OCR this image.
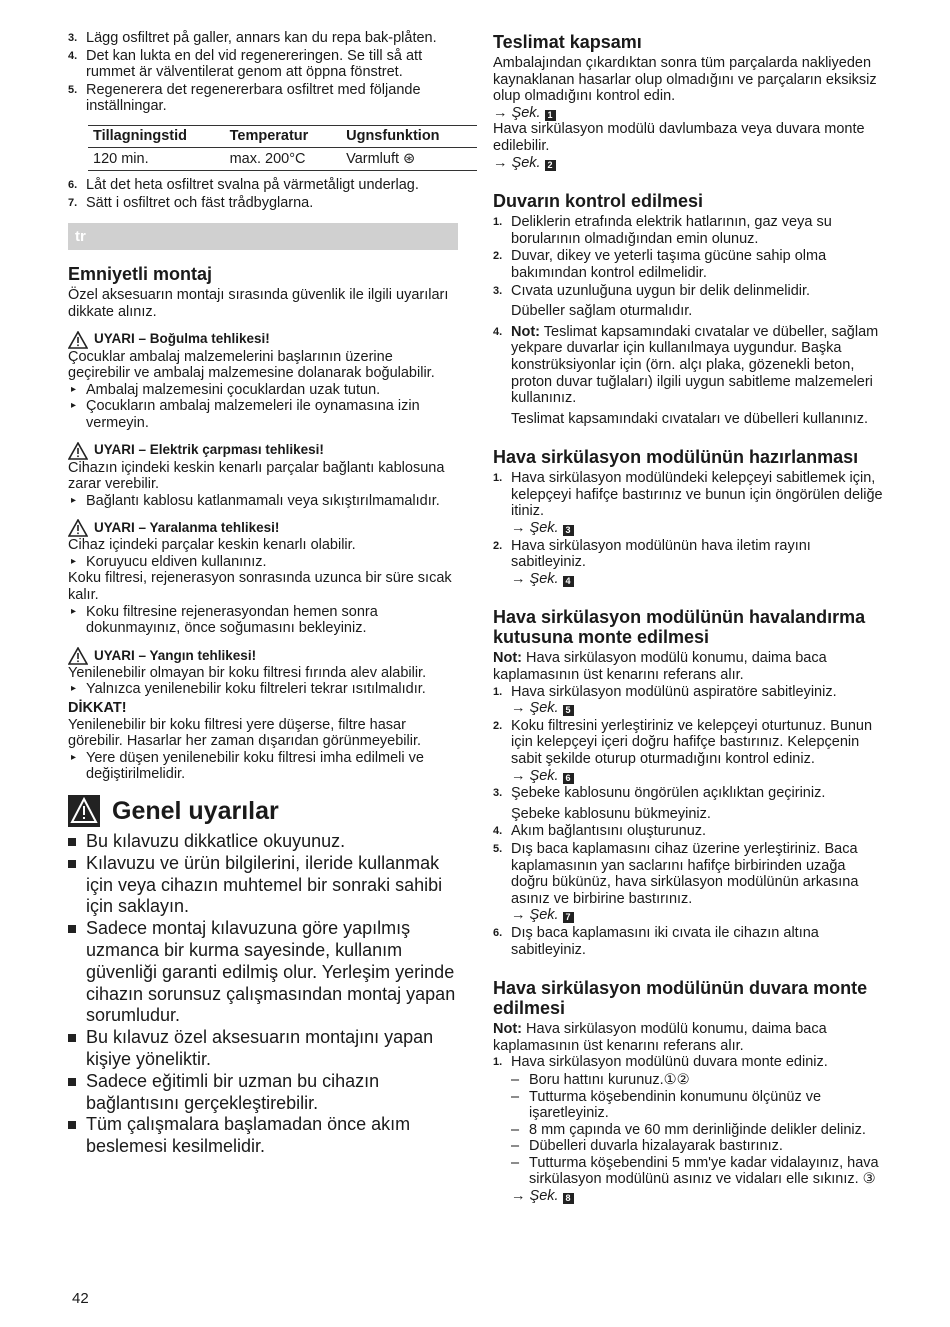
3. Lägg osfiltret på galler, annars kan du repa bak-plåten.
4. Det kan lukta en del vid regenereringen. Se till så att rummet är välventilerat genom att öppna fönstret.
5. Regenerera det regenererbara osfiltret med följande inställningar.
Tillagningstid	Temperatur	Ugnsfunktion
120 min.	max. 200°C	Varmluft ⊛
6. Låt det heta osfiltret svalna på värmetåligt underlag.
7. Sätt i osfiltret och fäst trådbyglarna.
tr
Emniyetli montaj

Özel aksesuarın montajı sırasında güvenlik ile ilgili uyarıları dikkate alınız.

UYARI – Boğulma tehlikesi!

Çocuklar ambalaj malzemelerini başlarının üzerine geçirebilir ve ambalaj malzemesine dolanarak boğulabilir.

▸ Ambalaj malzemesini çocuklardan uzak tutun.
▸ Çocukların ambalaj malzemeleri ile oynamasına izin vermeyin.
UYARI – Elektrik çarpması tehlikesi!

Cihazın içindeki keskin kenarlı parçalar bağlantı kablosuna zarar verebilir.

▸ Bağlantı kablosu katlanmamalı veya sıkıştırılmamalıdır.
UYARI – Yaralanma tehlikesi!

Cihaz içindeki parçalar keskin kenarlı olabilir.

▸ Koruyucu eldiven kullanınız.

Koku filtresi, rejenerasyon sonrasında uzunca bir süre sıcak kalır.

▸ Koku filtresine rejenerasyondan hemen sonra dokunmayınız, önce soğumasını bekleyiniz.
UYARI – Yangın tehlikesi!

Yenilenebilir olmayan bir koku filtresi fırında alev alabilir.

▸ Yalnızca yenilenebilir koku filtreleri tekrar ısıtılmalıdır.
DİKKAT!

Yenilenebilir bir koku filtresi yere düşerse, filtre hasar görebilir. Hasarlar her zaman dışarıdan görünmeyebilir.

▸ Yere düşen yenilenebilir koku filtresi imha edilmeli ve değiştirilmelidir.
Genel uyarılar
Bu kılavuzu dikkatlice okuyunuz.
Kılavuzu ve ürün bilgilerini, ileride kullanmak için veya cihazın muhtemel bir sonraki sahibi için saklayın.
Sadece montaj kılavuzuna göre yapılmış uzmanca bir kurma sayesinde, kullanım güvenliği garanti edilmiş olur. Yerleşim yerinde cihazın sorunsuz çalışmasından montaj yapan sorumludur.
Bu kılavuz özel aksesuarın montajını yapan kişiye yöneliktir.
Sadece eğitimli bir uzman bu cihazın bağlantısını gerçekleştirebilir.
Tüm çalışmalara başlamadan önce akım beslemesi kesilmelidir.
42
Teslimat kapsamı

Ambalajından çıkardıktan sonra tüm parçalarda nakliyeden kaynaklanan hasarlar olup olmadığını ve parçaların eksiksiz olup olmadığını kontrol edin.

→ Şek. 1

Hava sirkülasyon modülü davlumbaza veya duvara monte edilebilir.

→ Şek. 2

Duvarın kontrol edilmesi
1. Deliklerin etrafında elektrik hatlarının, gaz veya su borularının olmadığından emin olunuz.
2. Duvar, dikey ve yeterli taşıma gücüne sahip olma bakımından kontrol edilmelidir.
3. Cıvata uzunluğuna uygun bir delik delinmelidir.

Dübeller sağlam oturmalıdır.

4. Not: Teslimat kapsamındaki cıvatalar ve dübeller, sağlam yekpare duvarlar için kullanılmaya uygundur. Başka konstrüksiyonlar için (örn. alçı plaka, gözenekli beton, proton duvar tuğlaları) ilgili uygun sabitleme malzemeleri kullanınız.

Teslimat kapsamındaki cıvataları ve dübelleri kullanınız.

Hava sirkülasyon modülünün hazırlanması
1. Hava sirkülasyon modülündeki kelepçeyi sabitlemek için, kelepçeyi hafifçe bastırınız ve bunun için öngörülen deliğe itiniz.

→ Şek. 3

2. Hava sirkülasyon modülünün hava iletim rayını sabitleyiniz.

→ Şek. 4

Hava sirkülasyon modülünün havalandırma kutusuna monte edilmesi

Not: Hava sirkülasyon modülü konumu, daima baca kaplamasının üst kenarını referans alır.

1. Hava sirkülasyon modülünü aspiratöre sabitleyiniz.

→ Şek. 5

2. Koku filtresini yerleştiriniz ve kelepçeyi oturtunuz. Bunun için kelepçeyi içeri doğru hafifçe bastırınız. Kelepçenin sabit şekilde oturup oturmadığını kontrol ediniz.

→ Şek. 6

3. Şebeke kablosunu öngörülen açıklıktan geçiriniz.

Şebeke kablosunu bükmeyiniz.

4. Akım bağlantısını oluşturunuz.
5. Dış baca kaplamasını cihaz üzerine yerleştiriniz. Baca kaplamasının yan saclarını hafifçe birbirinden uzağa doğru bükünüz, hava sirkülasyon modülünün arkasına asınız ve birbirine bastırınız.

→ Şek. 7

6. Dış baca kaplamasını iki cıvata ile cihazın altına sabitleyiniz.
Hava sirkülasyon modülünün duvara monte edilmesi

Not: Hava sirkülasyon modülü konumu, daima baca kaplamasının üst kenarını referans alır.

1. Hava sirkülasyon modülünü duvara monte ediniz.
– Boru hattını kurunuz.①②
– Tutturma köşebendinin konumunu ölçünüz ve işaretleyiniz.
– 8 mm çapında ve 60 mm derinliğinde delikler deliniz.
– Dübelleri duvarla hizalayarak bastırınız.
– Tutturma köşebendini 5 mm'ye kadar vidalayınız, hava sirkülasyon modülünü asınız ve vidaları elle sıkınız. ③

→ Şek. 8
